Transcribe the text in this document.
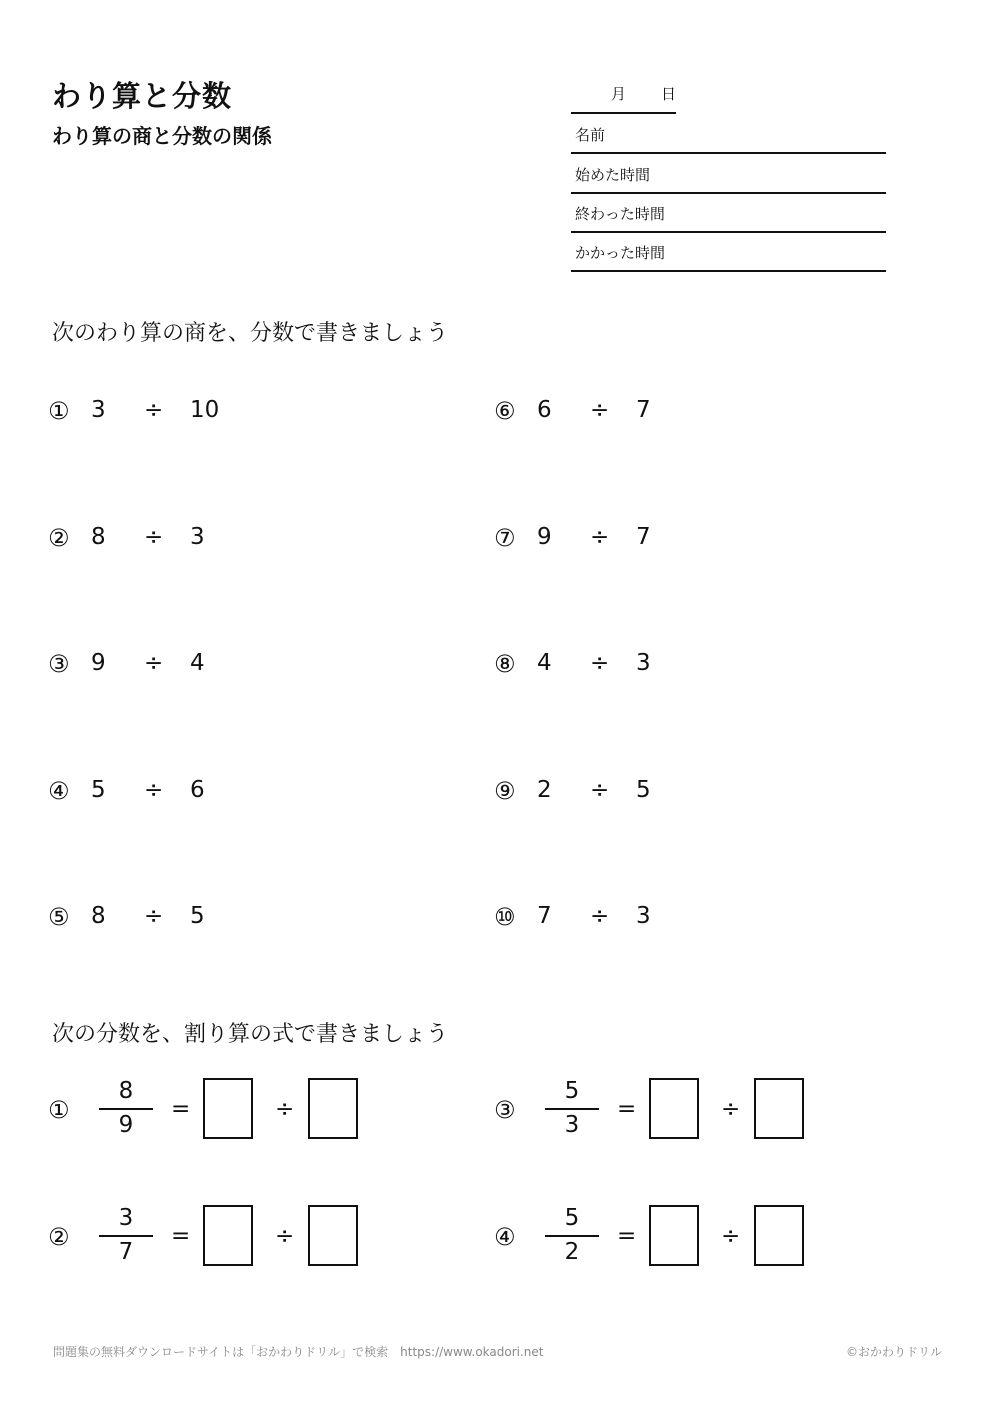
わり算と分数
わり算の商と分数の関係
月 日
名前
始めた時間
終わった時間
かかった時間
次のわり算の商を、分数で書きましょう
① 3 ÷ 10
② 8 ÷ 3
③ 9 ÷ 4
④ 5 ÷ 6
⑤ 8 ÷ 5
⑥ 6 ÷ 7
⑦ 9 ÷ 7
⑧ 4 ÷ 3
⑨ 2 ÷ 5
⑩ 7 ÷ 3
次の分数を、割り算の式で書きましょう
①
8
9
=	÷
②
3
7
=	÷
③
5
3
=	÷
④
5
2
=	÷
問題集の無料ダウンロードサイトは「おかわりドリル」で検索　https://www.okadori.net	©おかわりドリル
